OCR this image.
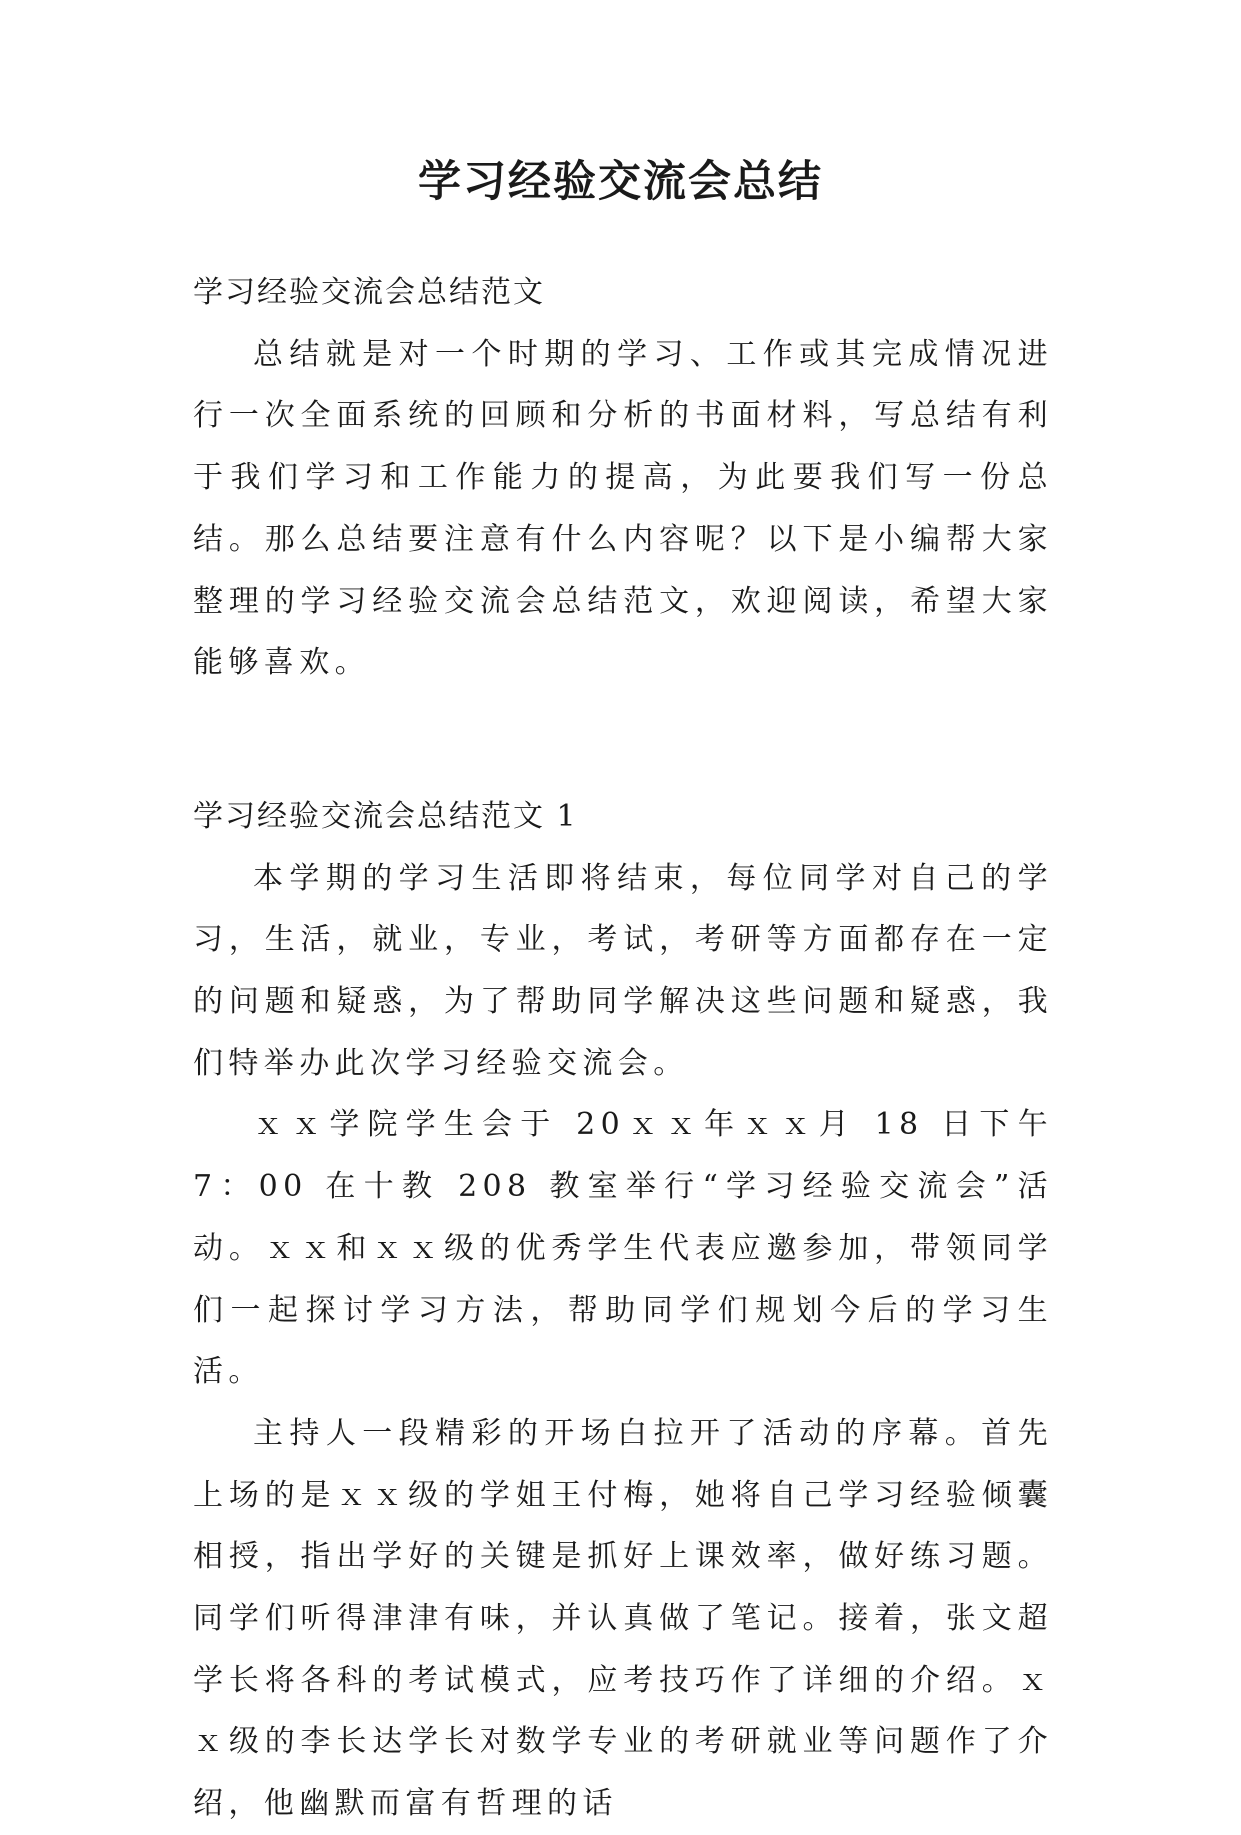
学习经验交流会总结

学习经验交流会总结范文

总结就是对一个时期的学习、工作或其完成情况进行一次全面系统的回顾和分析的书面材料，写总结有利于我们学习和工作能力的提高，为此要我们写一份总结。那么总结要注意有什么内容呢？以下是小编帮大家整理的学习经验交流会总结范文，欢迎阅读，希望大家能够喜欢。

学习经验交流会总结范文 1

本学期的学习生活即将结束，每位同学对自己的学习，生活，就业，专业，考试，考研等方面都存在一定的问题和疑惑，为了帮助同学解决这些问题和疑惑，我们特举办此次学习经验交流会。

ｘｘ学院学生会于 20ｘｘ年ｘｘ月 18 日下午 7：00 在十教 208 教室举行“学习经验交流会”活动。ｘｘ和ｘｘ级的优秀学生代表应邀参加，带领同学们一起探讨学习方法，帮助同学们规划今后的学习生活。

主持人一段精彩的开场白拉开了活动的序幕。首先上场的是ｘｘ级的学姐王付梅，她将自己学习经验倾囊相授，指出学好的关键是抓好上课效率，做好练习题。同学们听得津津有味，并认真做了笔记。接着，张文超学长将各科的考试模式，应考技巧作了详细的介绍。ｘｘ级的李长达学长对数学专业的考研就业等问题作了介绍，他幽默而富有哲理的话
